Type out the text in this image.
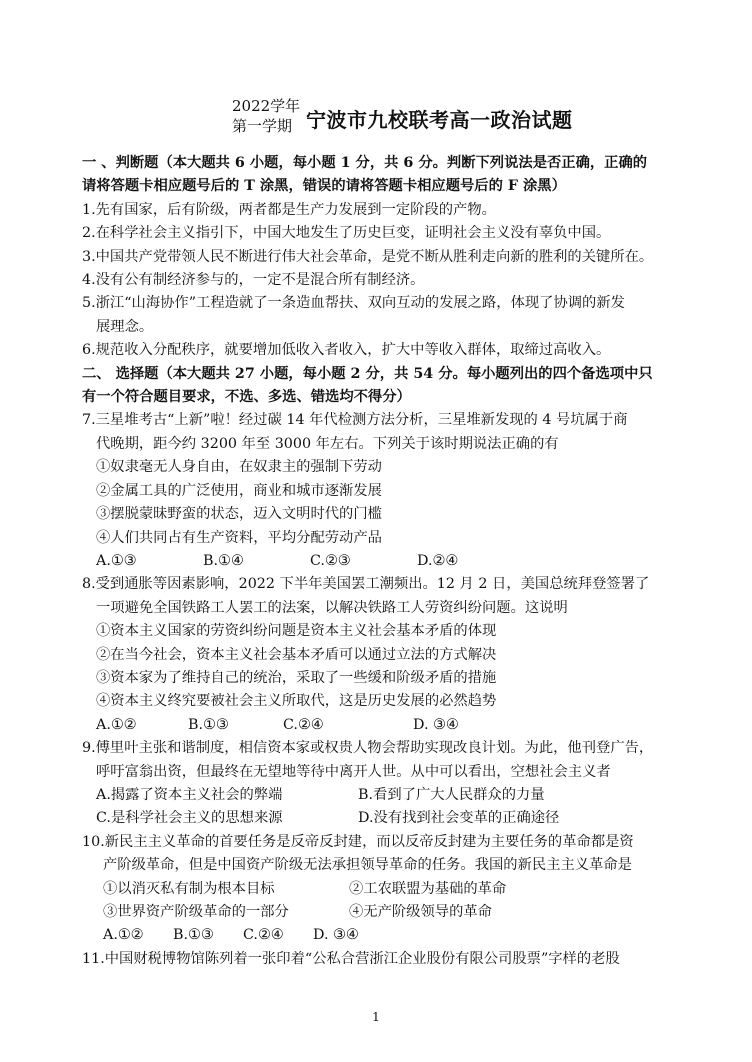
2022学年
第一学期 宁波市九校联考高一政治试题
一 、判断题（本大题共 6 小题，每小题 1 分，共 6 分。判断下列说法是否正确，正确的
请将答题卡相应题号后的 T 涂黑，错误的请将答题卡相应题号后的 F 涂黑）
1.先有国家，后有阶级，两者都是生产力发展到一定阶段的产物。
2.在科学社会主义指引下，中国大地发生了历史巨变，证明社会主义没有辜负中国。
3.中国共产党带领人民不断进行伟大社会革命，是党不断从胜利走向新的胜利的关键所在。
4.没有公有制经济参与的，一定不是混合所有制经济。
5.浙江“山海协作”工程造就了一条造血帮扶、双向互动的发展之路，体现了协调的新发
展理念。
6.规范收入分配秩序，就要增加低收入者收入，扩大中等收入群体，取缔过高收入。
二、 选择题（本大题共 27 小题，每小题 2 分，共 54 分。每小题列出的四个备选项中只
有一个符合题目要求，不选、多选、错选均不得分）
7.三星堆考古“上新”啦！经过碳 14 年代检测方法分析，三星堆新发现的 4 号坑属于商
代晚期，距今约 3200 年至 3000 年左右。下列关于该时期说法正确的有
①奴隶毫无人身自由，在奴隶主的强制下劳动
②金属工具的广泛使用，商业和城市逐渐发展
③摆脱蒙昧野蛮的状态，迈入文明时代的门槛
④人们共同占有生产资料，平均分配劳动产品
A.①③	B.①④	C.②③	D.②④
8.受到通胀等因素影响，2022 下半年美国罢工潮频出。12 月 2 日，美国总统拜登签署了
一项避免全国铁路工人罢工的法案，以解决铁路工人劳资纠纷问题。这说明
①资本主义国家的劳资纠纷问题是资本主义社会基本矛盾的体现
②在当今社会，资本主义社会基本矛盾可以通过立法的方式解决
③资本家为了维持自己的统治，采取了一些缓和阶级矛盾的措施
④资本主义终究要被社会主义所取代，这是历史发展的必然趋势
A.①②	B.①③	C.②④	D. ③④
9.傅里叶主张和谐制度，相信资本家或权贵人物会帮助实现改良计划。为此，他刊登广告，
呼吁富翁出资，但最终在无望地等待中离开人世。从中可以看出，空想社会主义者
A.揭露了资本主义社会的弊端	B.看到了广大人民群众的力量
C.是科学社会主义的思想来源	D.没有找到社会变革的正确途径
10.新民主主义革命的首要任务是反帝反封建，而以反帝反封建为主要任务的革命都是资
产阶级革命，但是中国资产阶级无法承担领导革命的任务。我国的新民主主义革命是
①以消灭私有制为根本目标	②工农联盟为基础的革命
③世界资产阶级革命的一部分	④无产阶级领导的革命
A.①②	B.①③	C.②④	D. ③④
11.中国财税博物馆陈列着一张印着“公私合营浙江企业股份有限公司股票”字样的老股
1
